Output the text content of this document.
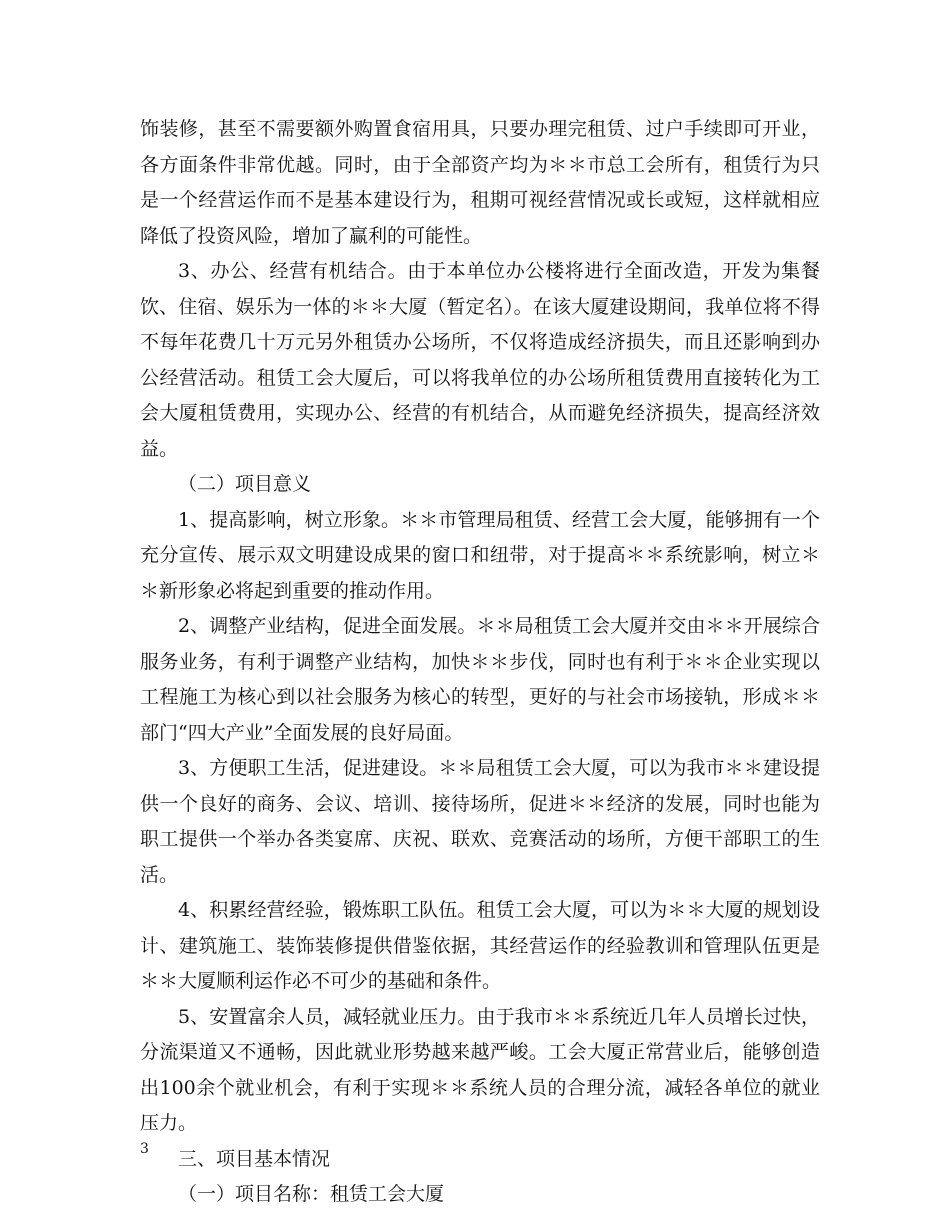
饰装修，甚至不需要额外购置食宿用具，只要办理完租赁、过户手续即可开业，各方面条件非常优越。同时，由于全部资产均为＊＊市总工会所有，租赁行为只是一个经营运作而不是基本建设行为，租期可视经营情况或长或短，这样就相应降低了投资风险，增加了赢利的可能性。

3、办公、经营有机结合。由于本单位办公楼将进行全面改造，开发为集餐饮、住宿、娱乐为一体的＊＊大厦（暂定名）。在该大厦建设期间，我单位将不得不每年花费几十万元另外租赁办公场所，不仅将造成经济损失，而且还影响到办公经营活动。租赁工会大厦后，可以将我单位的办公场所租赁费用直接转化为工会大厦租赁费用，实现办公、经营的有机结合，从而避免经济损失，提高经济效益。

（二）项目意义

1、提高影响，树立形象。＊＊市管理局租赁、经营工会大厦，能够拥有一个充分宣传、展示双文明建设成果的窗口和纽带，对于提高＊＊系统影响，树立＊＊新形象必将起到重要的推动作用。

2、调整产业结构，促进全面发展。＊＊局租赁工会大厦并交由＊＊开展综合服务业务，有利于调整产业结构，加快＊＊步伐，同时也有利于＊＊企业实现以工程施工为核心到以社会服务为核心的转型，更好的与社会市场接轨，形成＊＊部门“四大产业”全面发展的良好局面。

3、方便职工生活，促进建设。＊＊局租赁工会大厦，可以为我市＊＊建设提供一个良好的商务、会议、培训、接待场所，促进＊＊经济的发展，同时也能为职工提供一个举办各类宴席、庆祝、联欢、竞赛活动的场所，方便干部职工的生活。

4、积累经营经验，锻炼职工队伍。租赁工会大厦，可以为＊＊大厦的规划设计、建筑施工、装饰装修提供借鉴依据，其经营运作的经验教训和管理队伍更是＊＊大厦顺利运作必不可少的基础和条件。

5、安置富余人员，减轻就业压力。由于我市＊＊系统近几年人员增长过快，分流渠道又不通畅，因此就业形势越来越严峻。工会大厦正常营业后，能够创造出100余个就业机会，有利于实现＊＊系统人员的合理分流，减轻各单位的就业压力。

三、项目基本情况

（一）项目名称：租赁工会大厦

3
